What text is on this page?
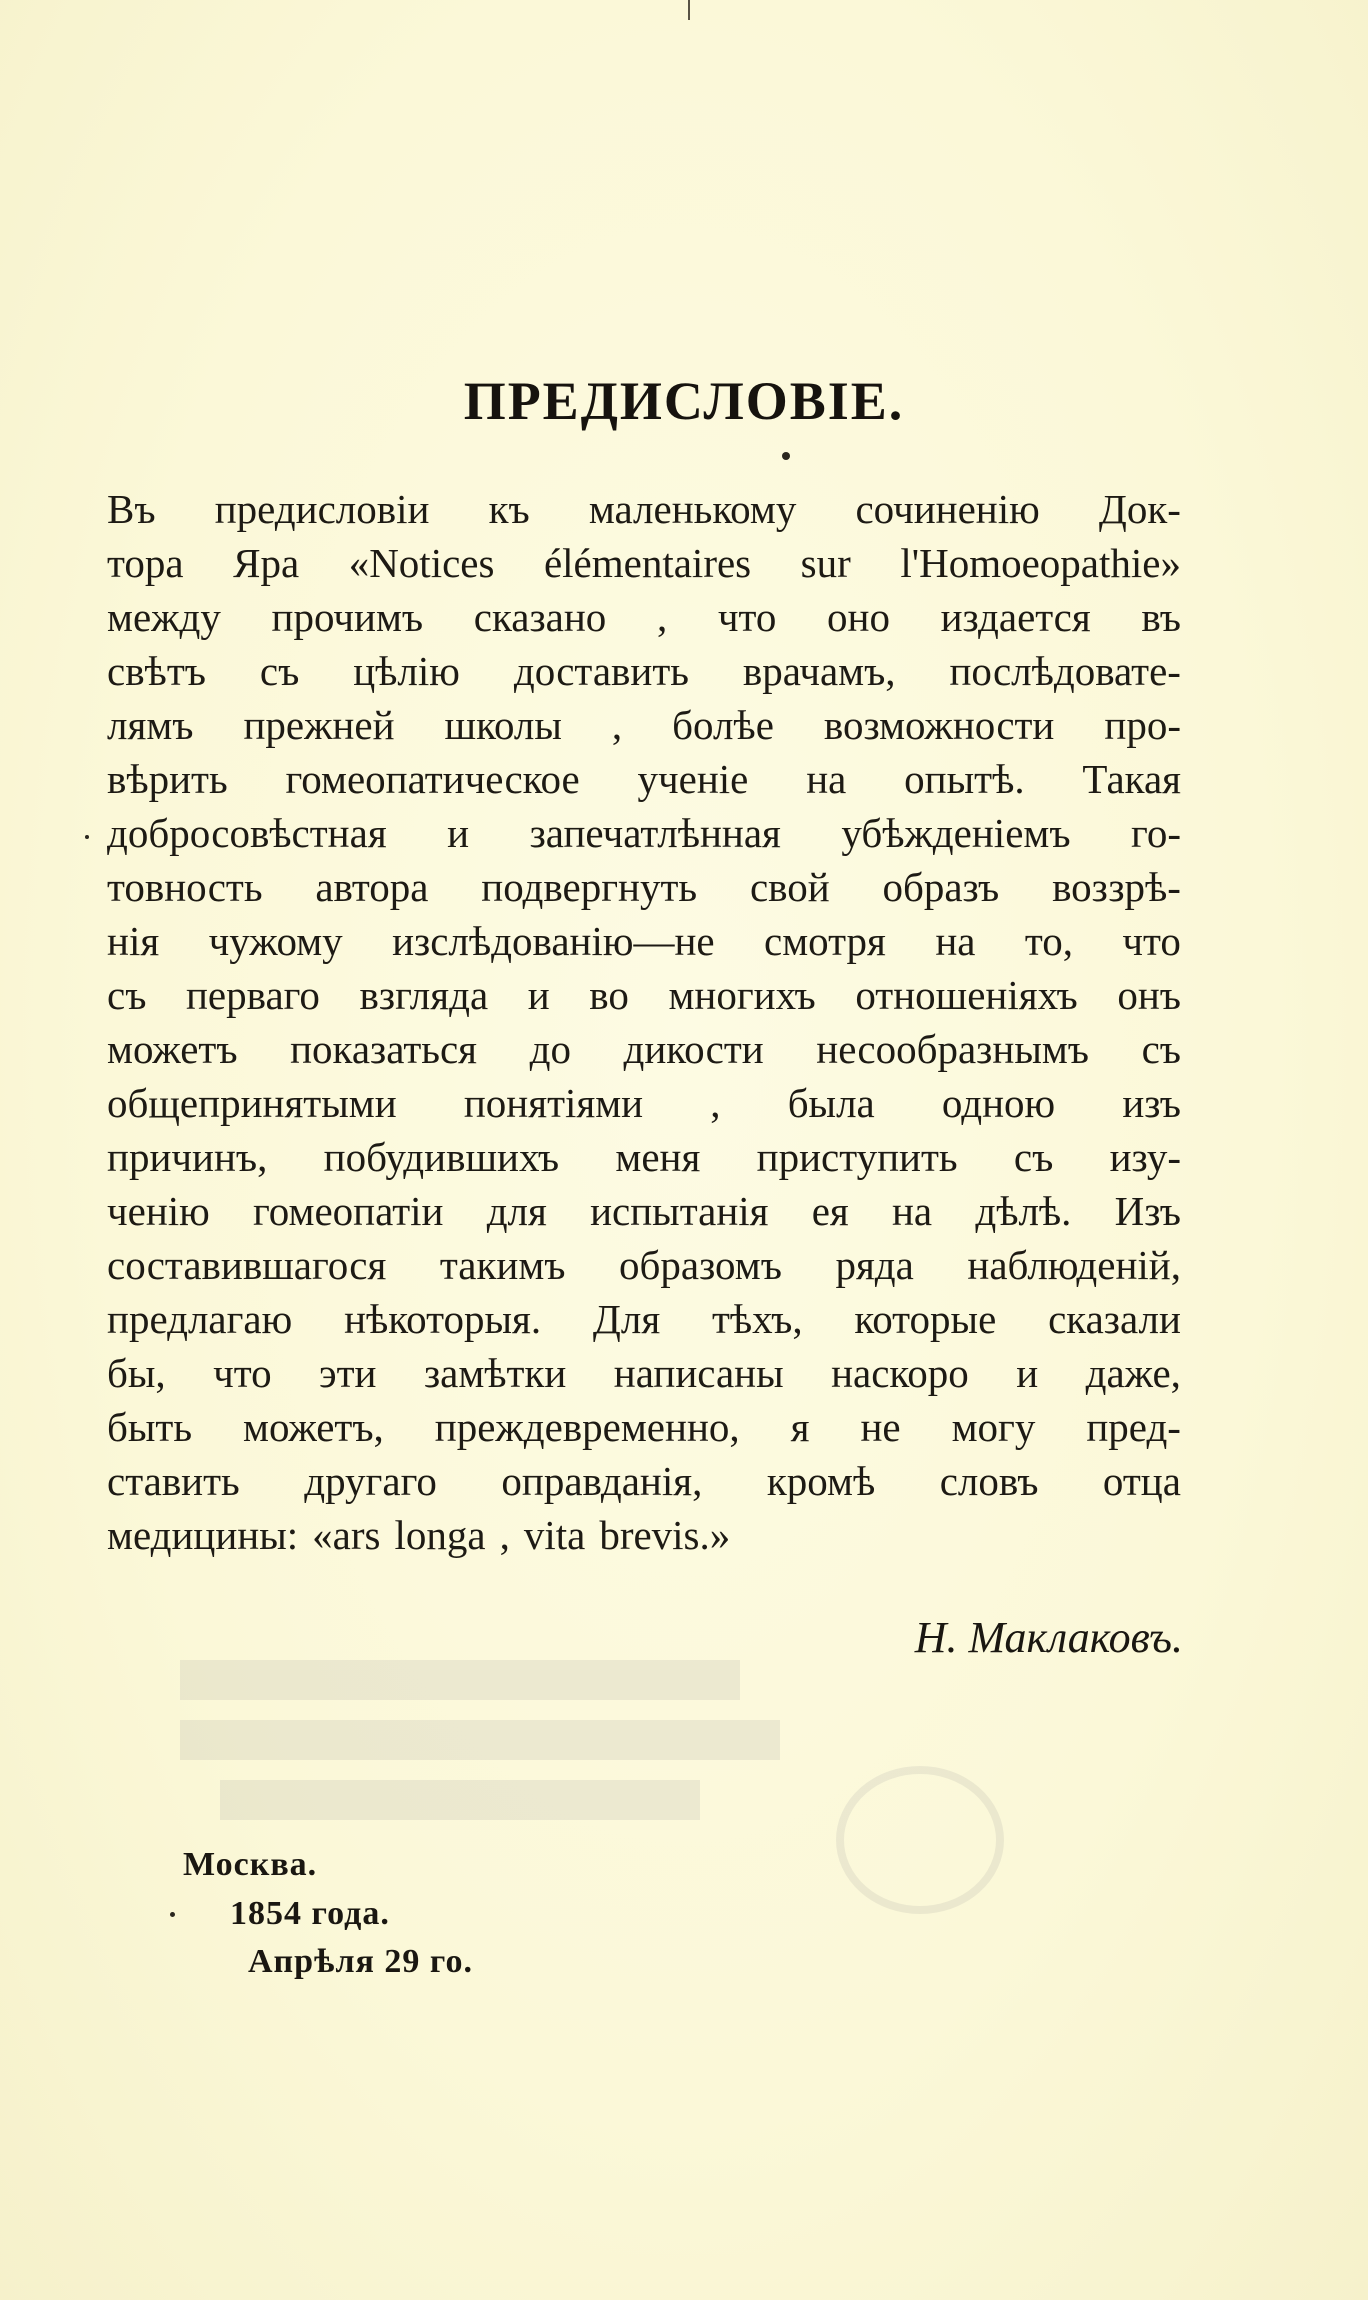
ПРЕДИСЛОВІЕ.
Въ предисловіи къ маленькому сочиненію Док-
тора Яра «Notices élémentaires sur l'Homoeopathie»
между прочимъ сказано , что оно издается въ
свѣтъ съ цѣлію доставить врачамъ, послѣдовате-
лямъ прежней школы , болѣе возможности про-
вѣрить гомеопатическое ученіе на опытѣ. Такая
добросовѣстная и запечатлѣнная убѣжденіемъ го-
товность автора подвергнуть свой образъ воззрѣ-
нія чужому изслѣдованію—не смотря на то, что
съ перваго взгляда и во многихъ отношеніяхъ онъ
можетъ показаться до дикости несообразнымъ съ
общепринятыми понятіями , была одною изъ
причинъ, побудившихъ меня приступить съ изу-
ченію гомеопатіи для испытанія ея на дѣлѣ. Изъ
составившагося такимъ образомъ ряда наблюденій,
предлагаю нѣкоторыя. Для тѣхъ, которые сказали
бы, что эти замѣтки написаны наскоро и даже,
быть можетъ, преждевременно, я не могу пред-
ставить другаго оправданія, кромѣ словъ отца
медицины: «ars longa , vita brevis.»
Н. Маклаковъ.
Москва.
1854 года.
Апрѣля 29 го.
